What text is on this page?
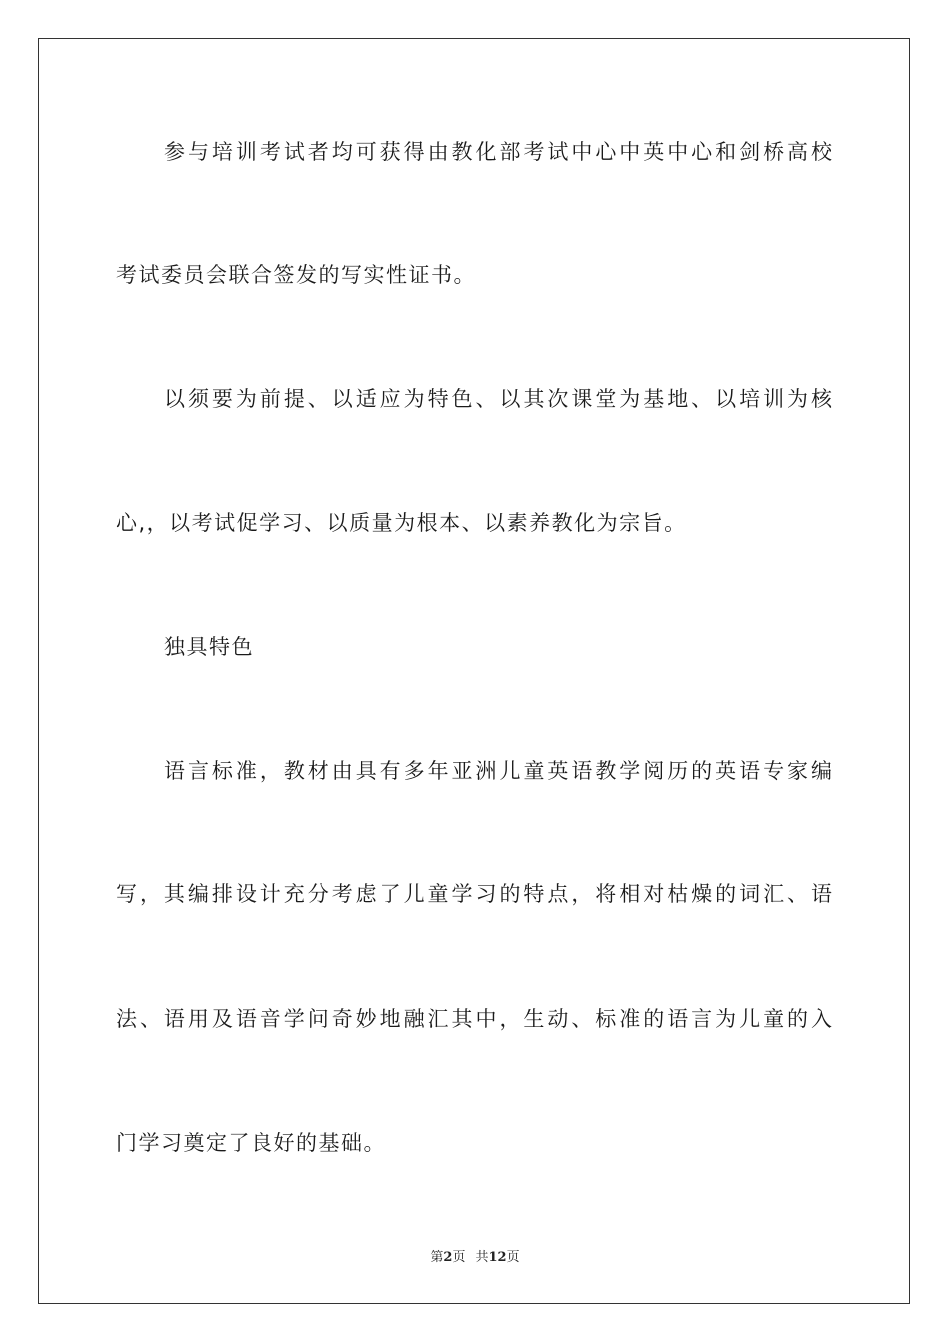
参与培训考试者均可获得由教化部考试中心中英中心和剑桥高校
考试委员会联合签发的写实性证书。
以须要为前提、以适应为特色、以其次课堂为基地、以培训为核
心,，以考试促学习、以质量为根本、以素养教化为宗旨。
独具特色
语言标准，教材由具有多年亚洲儿童英语教学阅历的英语专家编
写，其编排设计充分考虑了儿童学习的特点，将相对枯燥的词汇、语
法、语用及语音学问奇妙地融汇其中，生动、标准的语言为儿童的入
门学习奠定了良好的基础。
第2页 共12页
